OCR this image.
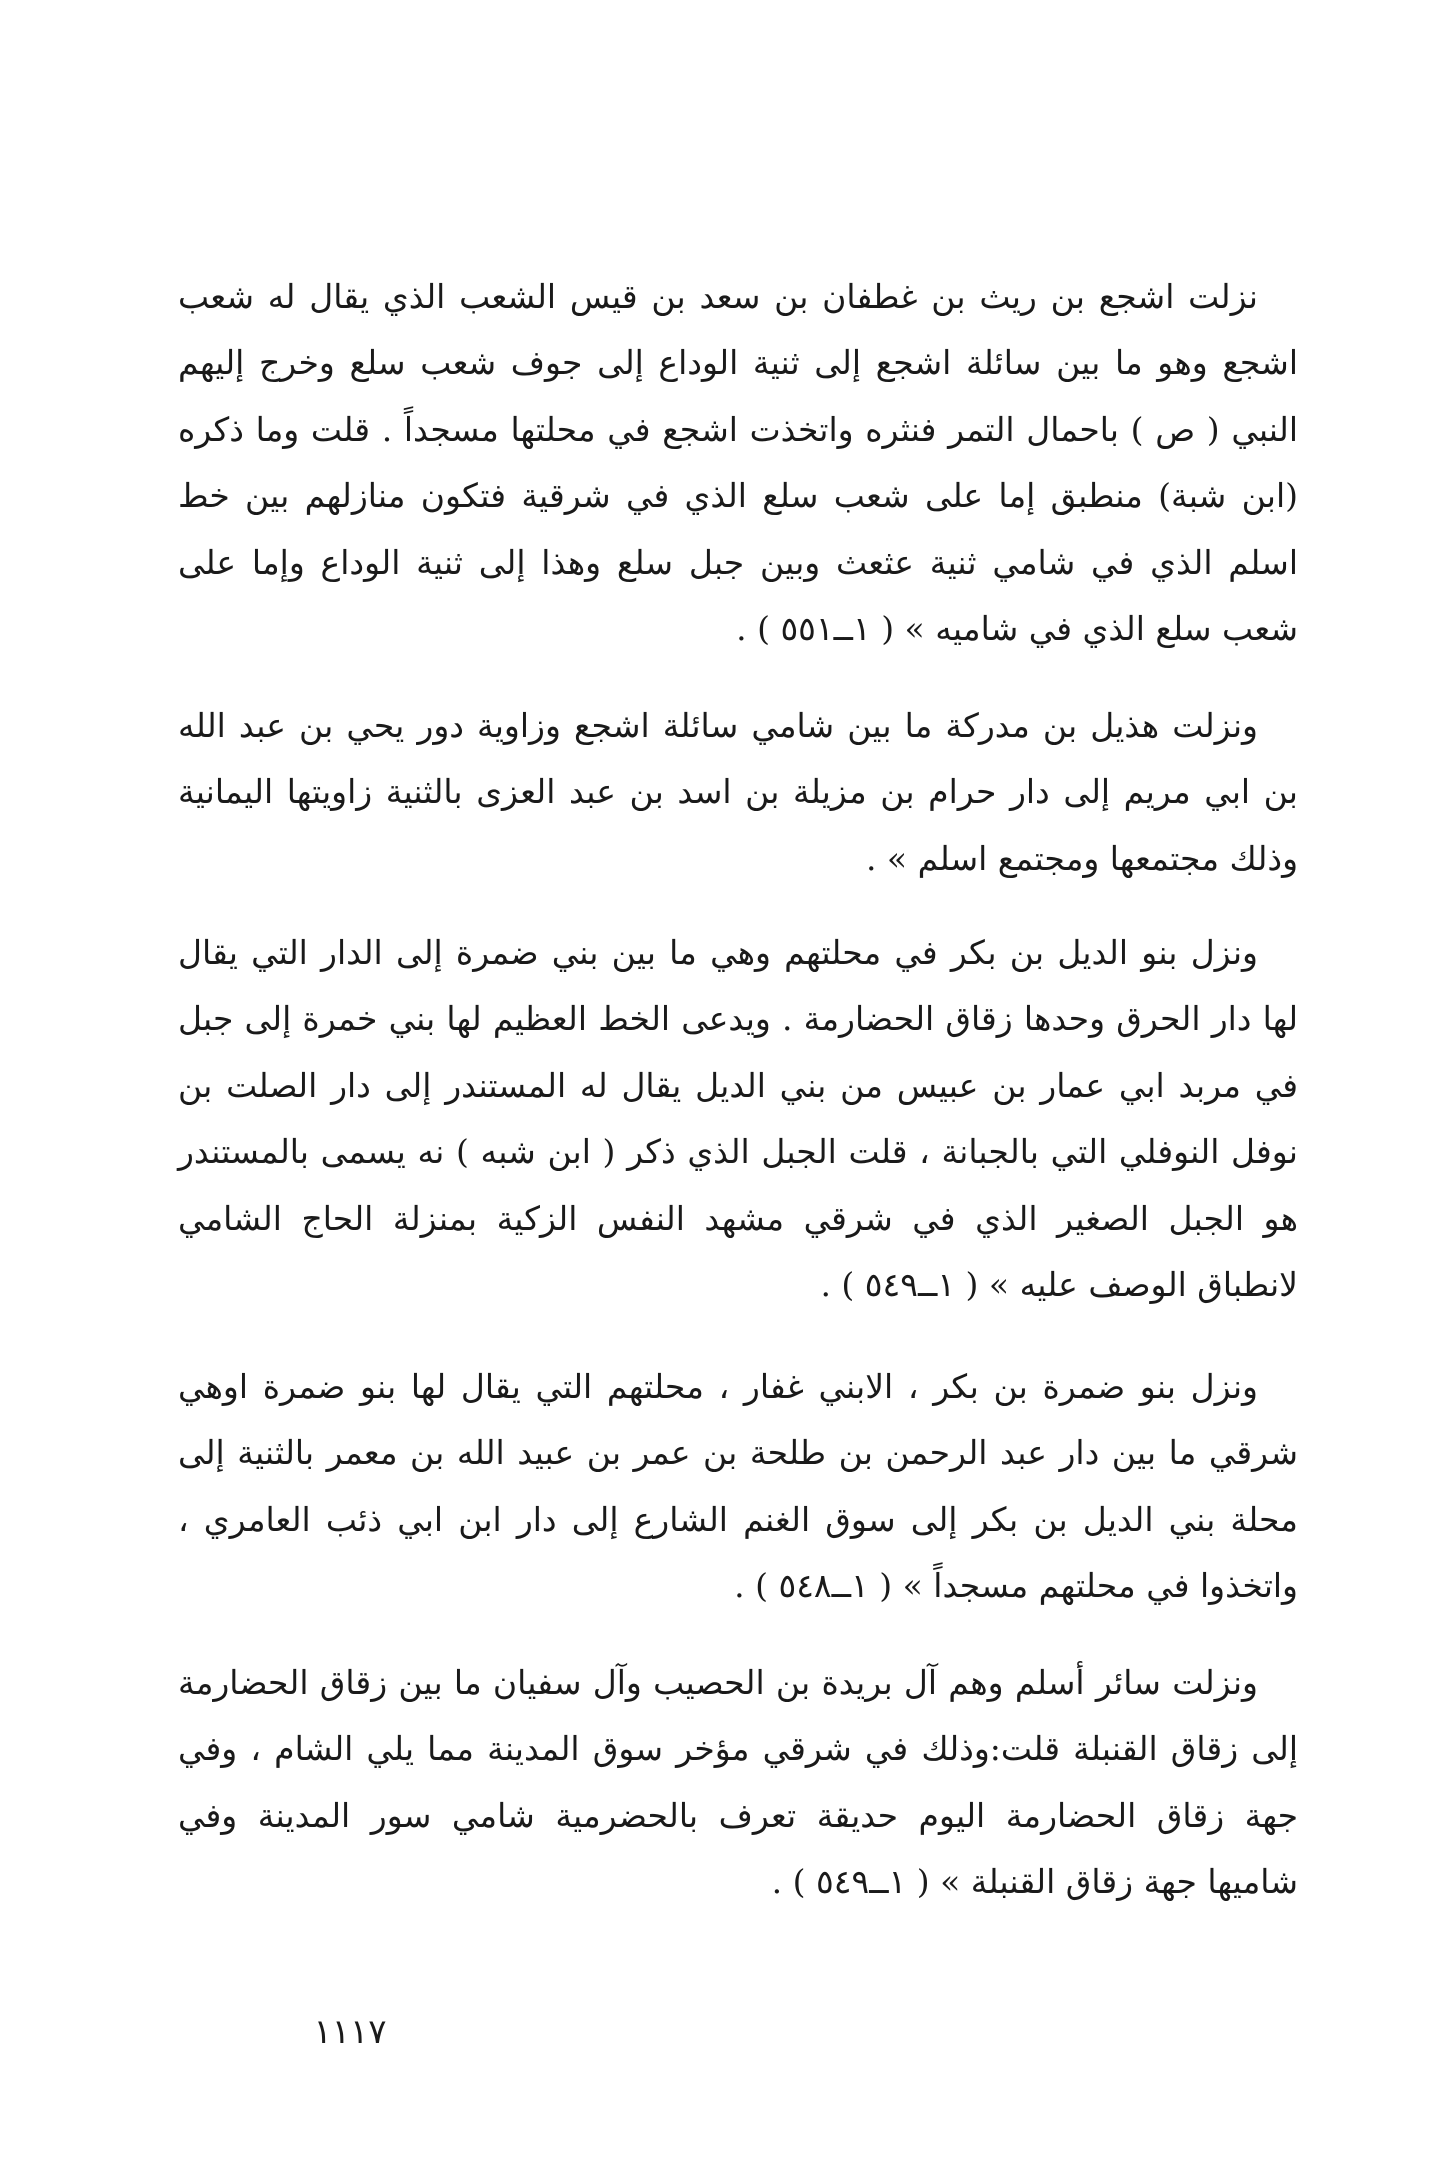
نزلت اشجع بن ريث بن غطفان بن سعد بن قيس الشعب الذي يقال له شعب اشجع وهو ما بين سائلة اشجع إلى ثنية الوداع إلى جوف شعب سلع وخرج إليهم النبي ( ص ) باحمال التمر فنثره واتخذت اشجع في محلتها مسجداً . قلت وما ذكره (ابن شبة) منطبق إما على شعب سلع الذي في شرقية فتكون منازلهم بين خط اسلم الذي في شامي ثنية عثعث وبين جبل سلع وهذا إلى ثنية الوداع وإما على شعب سلع الذي في شاميه » ( ١ــ٥٥١ ) .

ونزلت هذيل بن مدركة ما بين شامي سائلة اشجع وزاوية دور يحي بن عبد الله بن ابي مريم إلى دار حرام بن مزيلة بن اسد بن عبد العزى بالثنية زاويتها اليمانية وذلك مجتمعها ومجتمع اسلم » .

ونزل بنو الديل بن بكر في محلتهم وهي ما بين بني ضمرة إلى الدار التي يقال لها دار الحرق وحدها زقاق الحضارمة . ويدعى الخط العظيم لها بني خمرة إلى جبل في مربد ابي عمار بن عبيس من بني الديل يقال له المستندر إلى دار الصلت بن نوفل النوفلي التي بالجبانة ، قلت الجبل الذي ذكر ( ابن شبه ) نه يسمى بالمستندر هو الجبل الصغير الذي في شرقي مشهد النفس الزكية بمنزلة الحاج الشامي لانطباق الوصف عليه » ( ١ــ٥٤٩ ) .

ونزل بنو ضمرة بن بكر ، الابني غفار ، محلتهم التي يقال لها بنو ضمرة اوهي شرقي ما بين دار عبد الرحمن بن طلحة بن عمر بن عبيد الله بن معمر بالثنية إلى محلة بني الديل بن بكر إلى سوق الغنم الشارع إلى دار ابن ابي ذئب العامري ، واتخذوا في محلتهم مسجداً » ( ١ــ٥٤٨ ) .

ونزلت سائر أسلم وهم آل بريدة بن الحصيب وآل سفيان ما بين زقاق الحضارمة إلى زقاق القنبلة قلت:وذلك في شرقي مؤخر سوق المدينة مما يلي الشام ، وفي جهة زقاق الحضارمة اليوم حديقة تعرف بالحضرمية شامي سور المدينة وفي شاميها جهة زقاق القنبلة » ( ١ــ٥٤٩ ) .

١١١٧
